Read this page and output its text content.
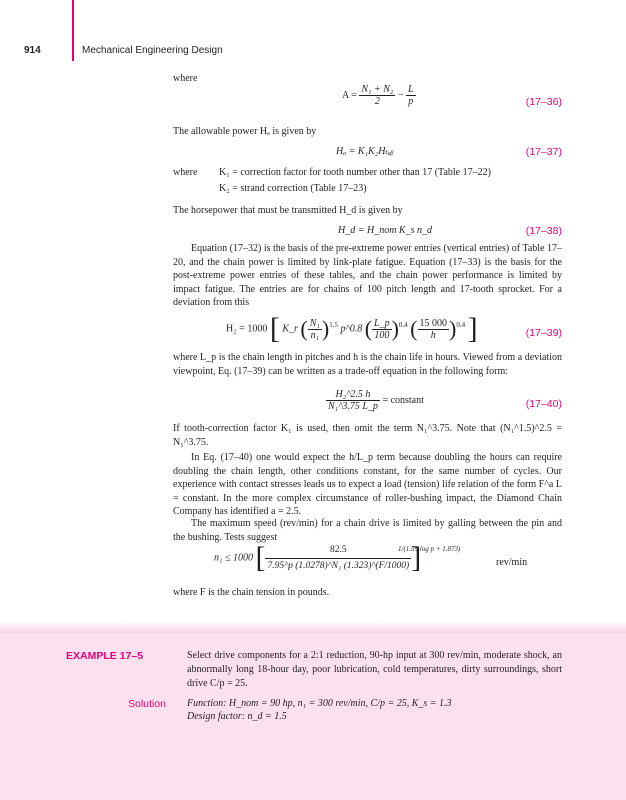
914	Mechanical Engineering Design
where
$A = \frac{\text{N₁ + N₂}}{2} - \frac{L}{p}$	(17–36)
The allowable power Hₐ is given by
Hₐ = K₁K₂Hₜₐᵦ	(17–37)
where K₁ = correction factor for tooth number other than 17 (Table 17–22)
K₂ = strand correction (Table 17–23)
The horsepower that must be transmitted H_d is given by
H_d = H_nom K_s n_d	(17–38)
Equation (17–32) is the basis of the pre-extreme power entries (vertical entries) of Table 17–20, and the chain power is limited by link-plate fatigue. Equation (17–33) is the basis for the post-extreme power entries of these tables, and the chain power performance is limited by impact fatigue. The entries are for chains of 100 pitch length and 17-tooth sprocket. For a deviation from this
H₂ = 1000 [ K_r ( $\frac{\text{N₁}}{\text{n₁}} )^{1.5}$ p^0.8 ( $\frac{L\_p}{100} )^{0.4}$ ( $\frac{15 000}{h} )^{0.4}$ ]	(17–39)
where L_p is the chain length in pitches and h is the chain life in hours. Viewed from a deviation viewpoint, Eq. (17–39) can be written as a trade-off equation in the following form:
$\frac{\text{H₂\textasciicircum{}2.5 h}}{\text{N₁\textasciicircum{}3.75 L\_p}}$ = constant	(17–40)
If tooth-correction factor K₁ is used, then omit the term N₁^3.75. Note that (N₁^1.5)^2.5 = N₁^3.75.
In Eq. (17–40) one would expect the h/L_p term because doubling the hours can require doubling the chain length, other conditions constant, for the same number of cycles. Our experience with contact stresses leads us to expect a load (tension) life relation of the form F^a L = constant. In the more complex circumstance of roller-bushing impact, the Diamond Chain Company has identified a = 2.5.
The maximum speed (rev/min) for a chain drive is limited by galling between the pin and the bushing. Tests suggest
n₁ ≤ 1000 [ $\frac{82.5}{\text{7.95\textasciicircum{}p (1.0278)\textasciicircum{}N₁ (1.323)\textasciicircum{}(F/1000)}}$ ]
1/(1.59 log p + 1.873)
rev/min
where F is the chain tension in pounds.
EXAMPLE 17–5	Select drive components for a 2:1 reduction, 90-hp input at 300 rev/min, moderate shock, an abnormally long 18-hour day, poor lubrication, cold temperatures, dirty surroundings, short drive C/p = 25.
Solution Function: H_nom = 90 hp, n₁ = 300 rev/min, C/p = 25, K_s = 1.3
Design factor: n_d = 1.5
